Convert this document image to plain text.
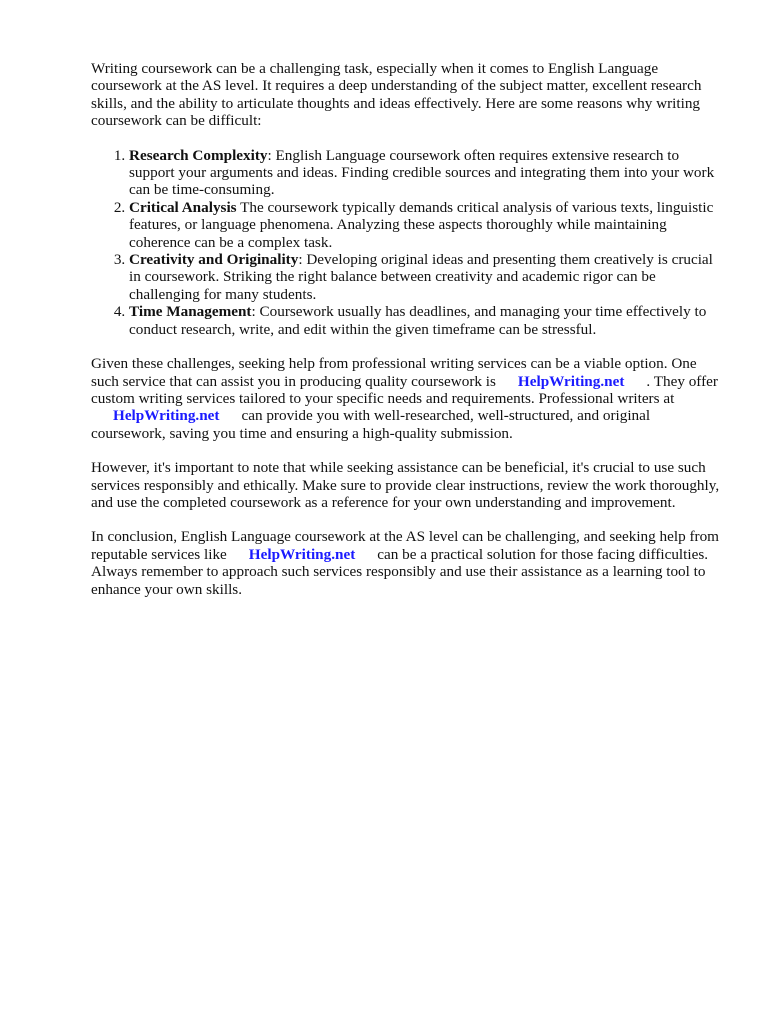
Writing coursework can be a challenging task, especially when it comes to English Language coursework at the AS level. It requires a deep understanding of the subject matter, excellent research skills, and the ability to articulate thoughts and ideas effectively. Here are some reasons why writing coursework can be difficult:

1. Research Complexity: English Language coursework often requires extensive research to support your arguments and ideas. Finding credible sources and integrating them into your work can be time-consuming.
2. Critical Analysis The coursework typically demands critical analysis of various texts, linguistic features, or language phenomena. Analyzing these aspects thoroughly while maintaining coherence can be a complex task.
3. Creativity and Originality: Developing original ideas and presenting them creatively is crucial in coursework. Striking the right balance between creativity and academic rigor can be challenging for many students.
4. Time Management: Coursework usually has deadlines, and managing your time effectively to conduct research, write, and edit within the given timeframe can be stressful.

Given these challenges, seeking help from professional writing services can be a viable option. One such service that can assist you in producing quality coursework is HelpWriting.net . They offer custom writing services tailored to your specific needs and requirements. Professional writers at HelpWriting.net can provide you with well-researched, well-structured, and original coursework, saving you time and ensuring a high-quality submission.

However, it's important to note that while seeking assistance can be beneficial, it's crucial to use such services responsibly and ethically. Make sure to provide clear instructions, review the work thoroughly, and use the completed coursework as a reference for your own understanding and improvement.

In conclusion, English Language coursework at the AS level can be challenging, and seeking help from reputable services like HelpWriting.net can be a practical solution for those facing difficulties. Always remember to approach such services responsibly and use their assistance as a learning tool to enhance your own skills.
